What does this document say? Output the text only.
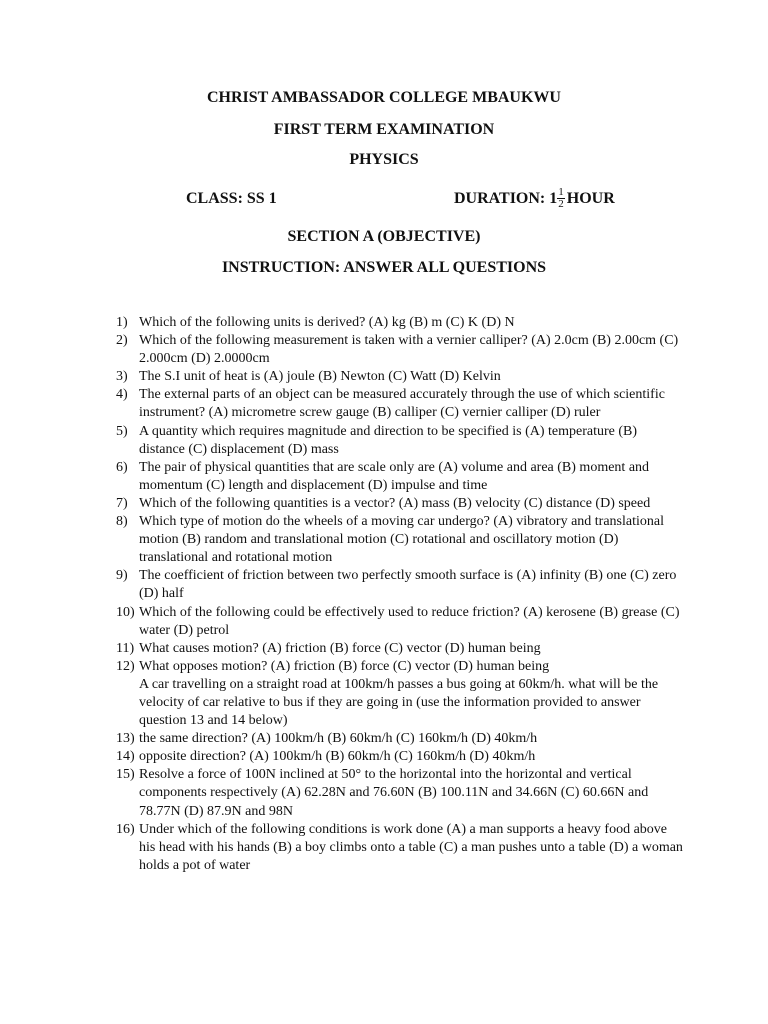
CHRIST AMBASSADOR COLLEGE MBAUKWU
FIRST TERM EXAMINATION
PHYSICS
CLASS: SS 1	DURATION: $1 \frac{1}{2}$ HOUR
SECTION A (OBJECTIVE)
INSTRUCTION: ANSWER ALL QUESTIONS
1) Which of the following units is derived? (A) kg (B) m (C) K (D) N
2) Which of the following measurement is taken with a vernier calliper? (A) 2.0cm (B) 2.00cm (C) 2.000cm (D) 2.0000cm
3) The S.I unit of heat is (A) joule (B) Newton (C) Watt (D) Kelvin
4) The external parts of an object can be measured accurately through the use of which scientific instrument? (A) micrometre screw gauge (B) calliper (C) vernier calliper (D) ruler
5) A quantity which requires magnitude and direction to be specified is (A) temperature (B) distance (C) displacement (D) mass
6) The pair of physical quantities that are scale only are (A) volume and area (B) moment and momentum (C) length and displacement (D) impulse and time
7) Which of the following quantities is a vector? (A) mass (B) velocity (C) distance (D) speed
8) Which type of motion do the wheels of a moving car undergo? (A) vibratory and translational motion (B) random and translational motion (C) rotational and oscillatory motion (D) translational and rotational motion
9) The coefficient of friction between two perfectly smooth surface is (A) infinity (B) one (C) zero (D) half
10) Which of the following could be effectively used to reduce friction? (A) kerosene (B) grease (C) water (D) petrol
11) What causes motion? (A) friction (B) force (C) vector (D) human being
12) What opposes motion? (A) friction (B) force (C) vector (D) human being
A car travelling on a straight road at 100km/h passes a bus going at 60km/h. what will be the velocity of car relative to bus if they are going in (use the information provided to answer question 13 and 14 below)
13) the same direction? (A) 100km/h (B) 60km/h (C) 160km/h (D) 40km/h
14) opposite direction? (A) 100km/h (B) 60km/h (C) 160km/h (D) 40km/h
15) Resolve a force of 100N inclined at 50° to the horizontal into the horizontal and vertical components respectively (A) 62.28N and 76.60N (B) 100.11N and 34.66N (C) 60.66N and 78.77N (D) 87.9N and 98N
16) Under which of the following conditions is work done (A) a man supports a heavy food above his head with his hands (B) a boy climbs onto a table (C) a man pushes unto a table (D) a woman holds a pot of water
